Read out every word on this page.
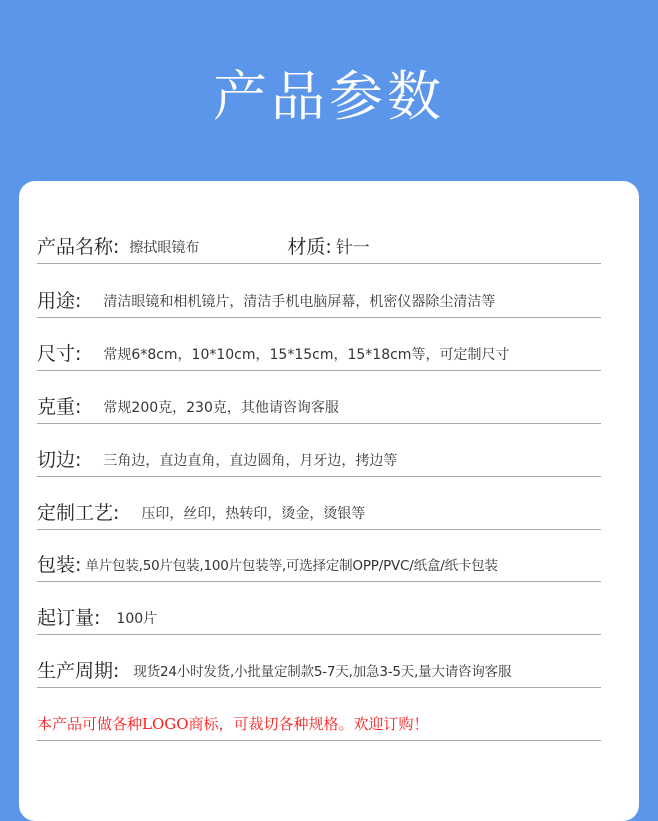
产品参数
产品名称: 擦拭眼镜布	材质: 针一
用途: 清洁眼镜和相机镜片，清洁手机电脑屏幕，机密仪器除尘清洁等
尺寸: 常规6*8cm，10*10cm，15*15cm，15*18cm等，可定制尺寸
克重: 常规200克，230克，其他请咨询客服
切边: 三角边，直边直角，直边圆角，月牙边，拷边等
定制工艺: 压印，丝印，热转印，烫金，烫银等
包装: 单片包装,50片包装,100片包装等,可选择定制OPP/PVC/纸盒/纸卡包装
起订量: 100片
生产周期: 现货24小时发货,小批量定制款5-7天,加急3-5天,量大请咨询客服
本产品可做各种LOGO商标，可裁切各种规格。欢迎订购！
